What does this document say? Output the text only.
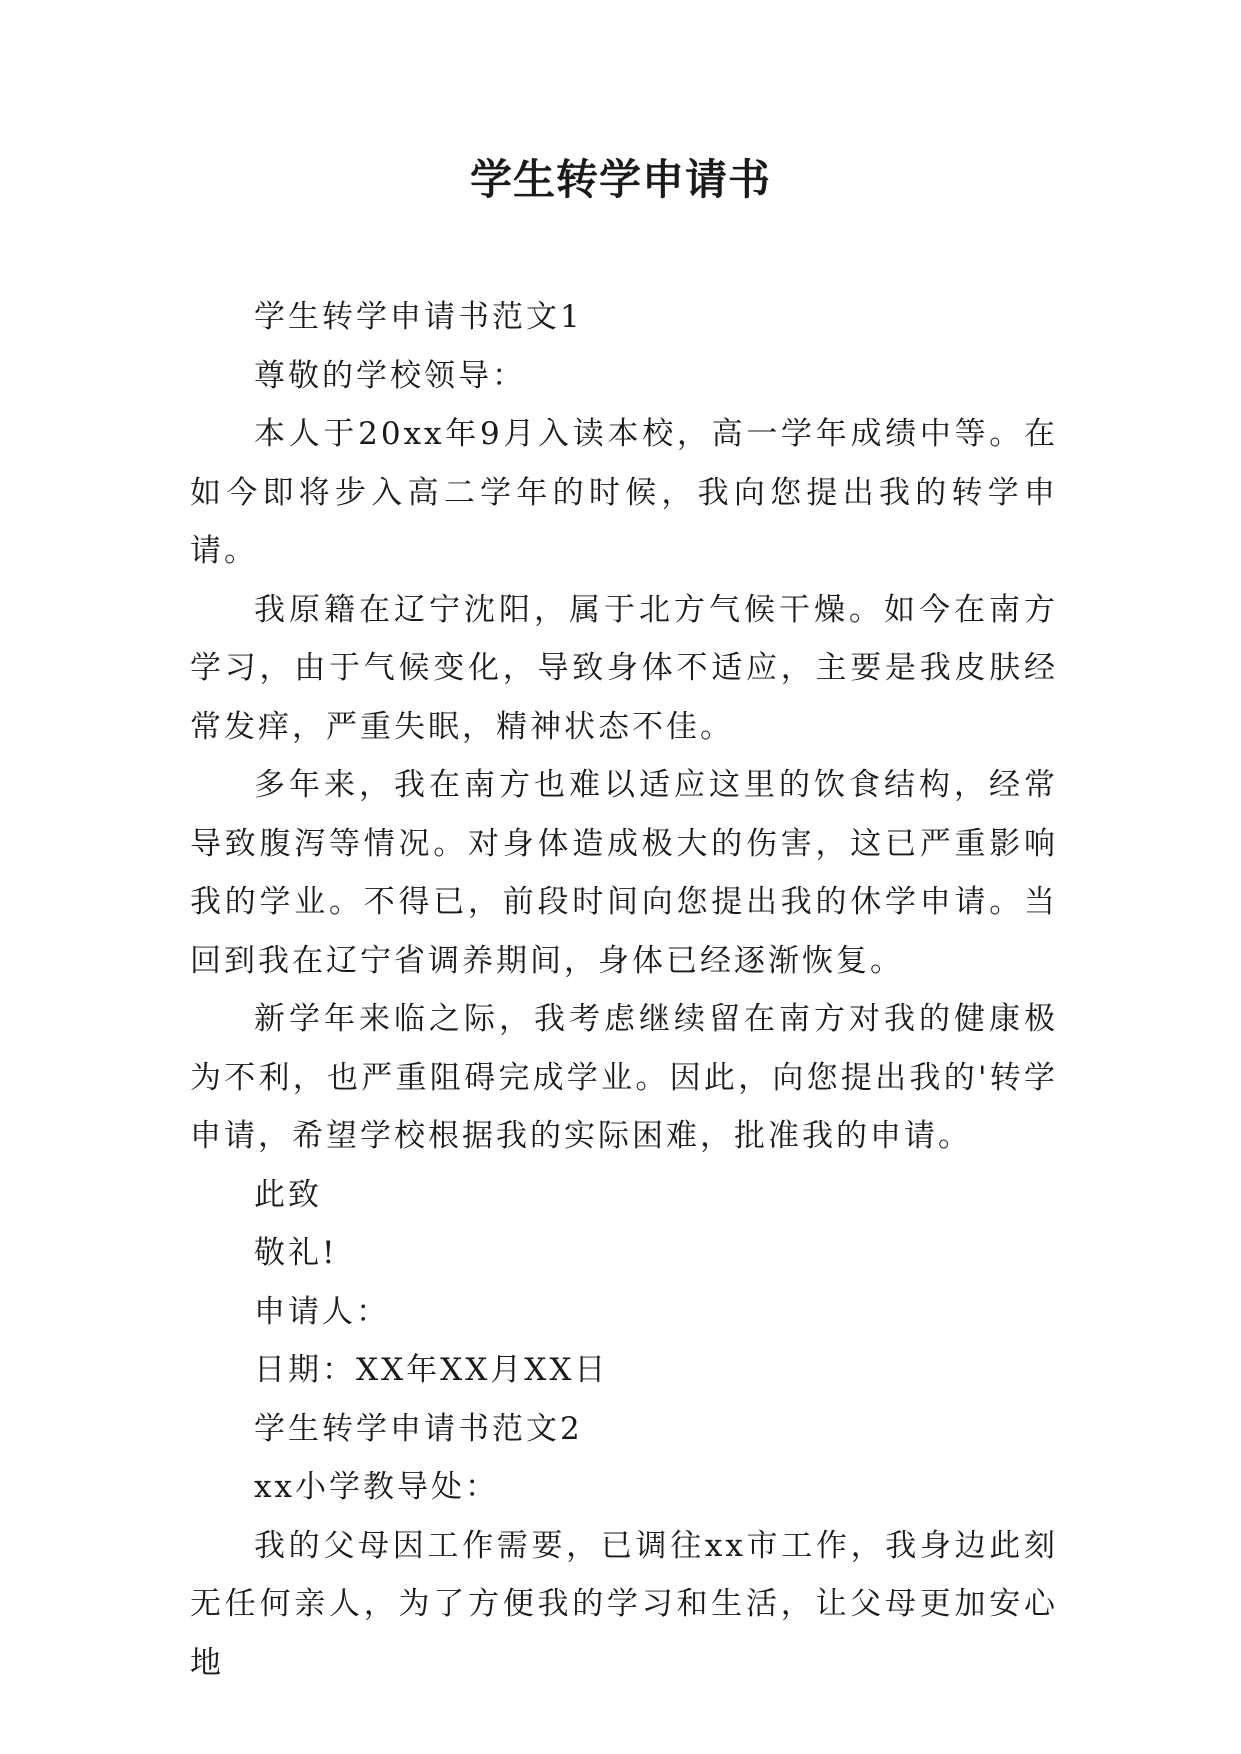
学生转学申请书

学生转学申请书范文1

尊敬的学校领导：

本人于20xx年9月入读本校，高一学年成绩中等。在如今即将步入高二学年的时候，我向您提出我的转学申请。

我原籍在辽宁沈阳，属于北方气候干燥。如今在南方学习，由于气候变化，导致身体不适应，主要是我皮肤经常发痒，严重失眠，精神状态不佳。

多年来，我在南方也难以适应这里的饮食结构，经常导致腹泻等情况。对身体造成极大的伤害，这已严重影响我的学业。不得已，前段时间向您提出我的休学申请。当回到我在辽宁省调养期间，身体已经逐渐恢复。

新学年来临之际，我考虑继续留在南方对我的健康极为不利，也严重阻碍完成学业。因此，向您提出我的'转学申请，希望学校根据我的实际困难，批准我的申请。

此致

敬礼!

申请人：

日期：XX年XX月XX日

学生转学申请书范文2

xx小学教导处：

我的父母因工作需要，已调往xx市工作，我身边此刻无任何亲人，为了方便我的学习和生活，让父母更加安心地
